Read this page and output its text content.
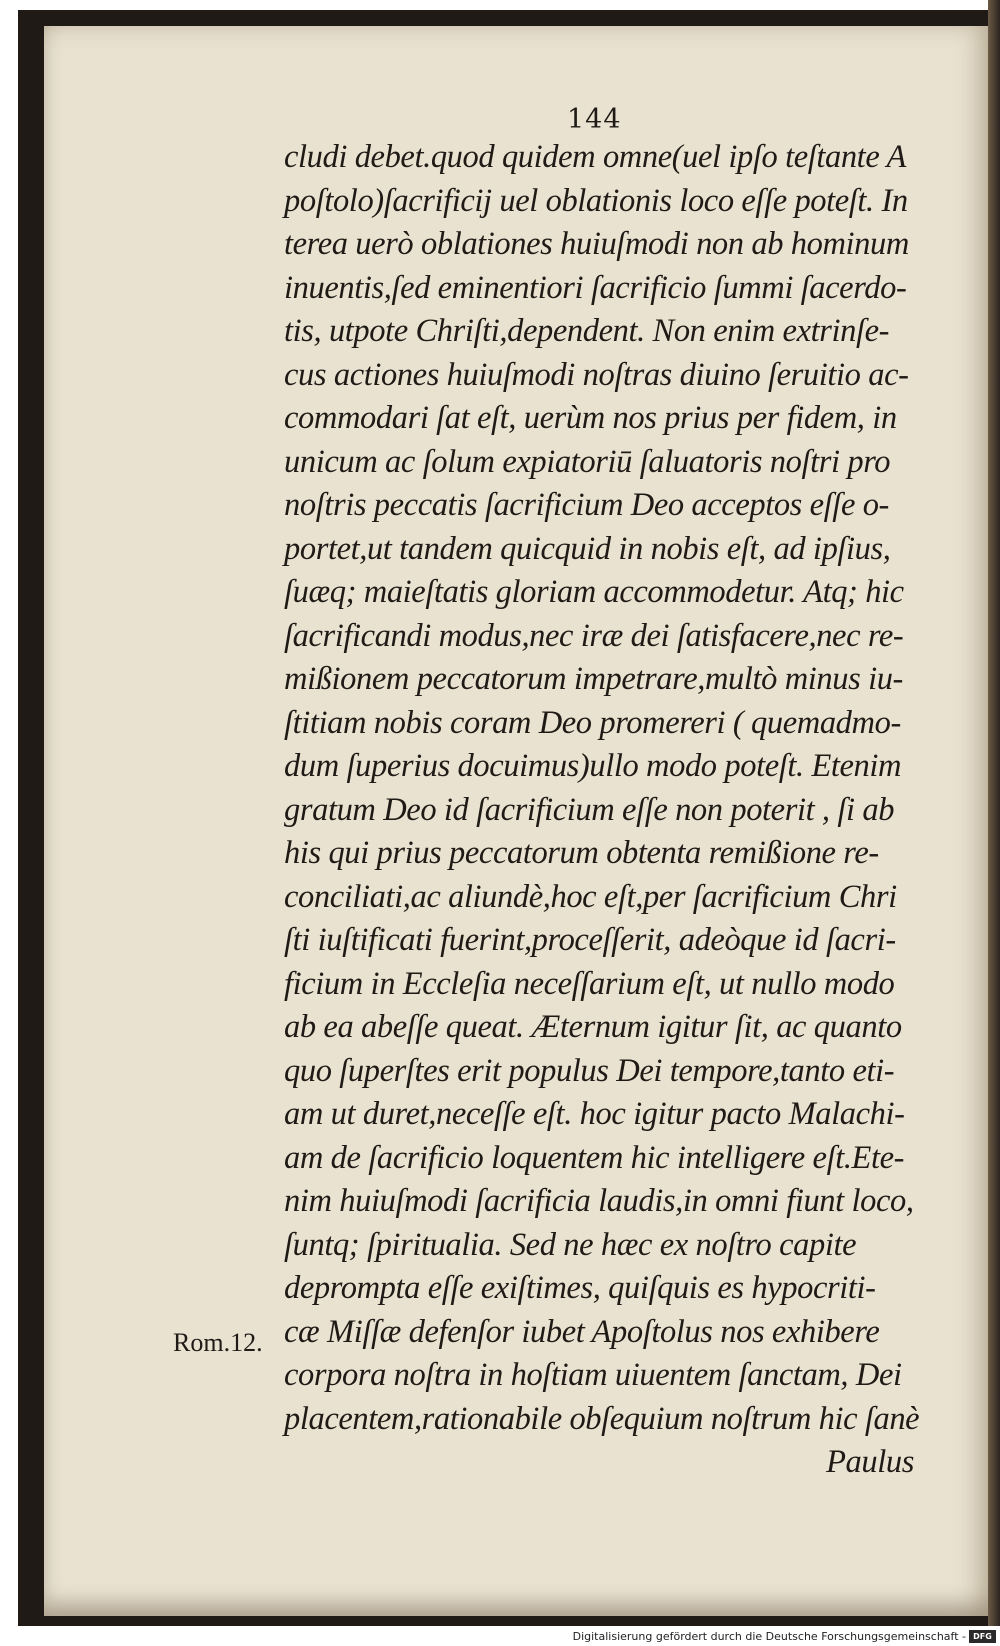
144
cludi debet.quod quidem omne(uel ipſo teſtante A
poſtolo)ſacrificij uel oblationis loco eſſe poteſt. In
terea uerò oblationes huiuſmodi non ab hominum
inuentis,ſed eminentiori ſacrificio ſummi ſacerdo-
tis, utpote Chriſti,dependent. Non enim extrinſe-
cus actiones huiuſmodi noſtras diuino ſeruitio ac-
commodari ſat eſt, uerùm nos prius per fidem, in
unicum ac ſolum expiatoriū ſaluatoris noſtri pro
noſtris peccatis ſacrificium Deo acceptos eſſe o-
portet,ut tandem quicquid in nobis eſt, ad ipſius,
ſuæq; maieſtatis gloriam accommodetur. Atq; hic
ſacrificandi modus,nec iræ dei ſatisfacere,nec re-
mißionem peccatorum impetrare,multò minus iu-
ſtitiam nobis coram Deo promereri ( quemadmo-
dum ſuperius docuimus)ullo modo poteſt. Etenim
gratum Deo id ſacrificium eſſe non poterit , ſi ab
his qui prius peccatorum obtenta remißione re-
conciliati,ac aliundè,hoc eſt,per ſacrificium Chri
ſti iuſtificati fuerint,proceſſerit, adeòque id ſacri-
ficium in Eccleſia neceſſarium eſt, ut nullo modo
ab ea abeſſe queat. Æternum igitur ſit, ac quanto
quo ſuperſtes erit populus Dei tempore,tanto eti-
am ut duret,neceſſe eſt. hoc igitur pacto Malachi-
am de ſacrificio loquentem hic intelligere eſt.Ete-
nim huiuſmodi ſacrificia laudis,in omni fiunt loco,
ſuntq; ſpiritualia. Sed ne hæc ex noſtro capite
deprompta eſſe exiſtimes, quiſquis es hypocriti-
cæ Miſſæ defenſor iubet Apoſtolus nos exhibere
corpora noſtra in hoſtiam uiuentem ſanctam, Dei
placentem,rationabile obſequium noſtrum hic ſanè
Paulus
Rom.12.
Digitalisierung gefördert durch die Deutsche Forschungsgemeinschaft - DFG
